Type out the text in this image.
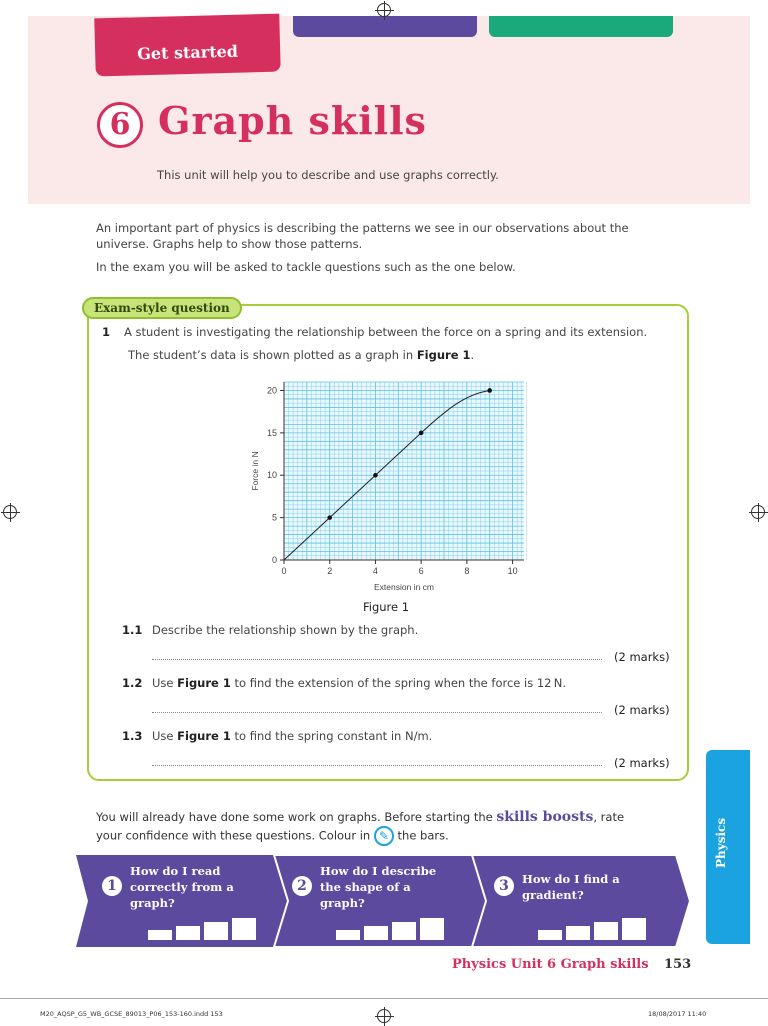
Get started
6 Graph skills
This unit will help you to describe and use graphs correctly.

An important part of physics is describing the patterns we see in our observations about the universe. Graphs help to show those patterns.

In the exam you will be asked to tackle questions such as the one below.

Exam-style question
1 A student is investigating the relationship between the force on a spring and its extension.
The student’s data is shown plotted as a graph in Figure 1.
0	2	4	6	8	10
0
5
10
15
20
Extension in cm
Force in N
Figure 1
1.1 Describe the relationship shown by the graph.
(2 marks)
1.2 Use Figure 1 to find the extension of the spring when the force is 12 N.
(2 marks)
1.3 Use Figure 1 to find the spring constant in N/m.
(2 marks)
You will already have done some work on graphs. Before starting the skills boosts, rate
your confidence with these questions. Colour in ✎ the bars.
1
How do I read correctly from a graph?
2
How do I describe the shape of a graph?
3	How do I find a gradient?
Physics
Physics Unit 6 Graph skills 153
M20_AQSP_G5_WB_GCSE_89013_P06_153-160.indd 153	18/08/2017 11:40
